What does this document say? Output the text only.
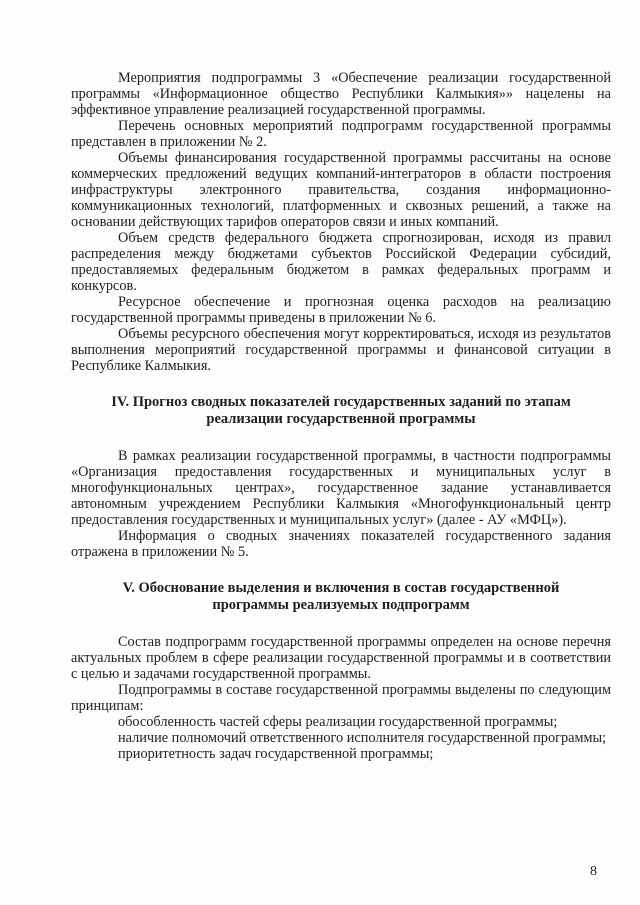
Мероприятия подпрограммы 3 «Обеспечение реализации государственной программы «Информационное общество Республики Калмыкия»» нацелены на эффективное управление реализацией государственной программы.

Перечень основных мероприятий подпрограмм государственной программы представлен в приложении № 2.

Объемы финансирования государственной программы рассчитаны на основе коммерческих предложений ведущих компаний-интеграторов в области построения инфраструктуры электронного правительства, создания информационно-коммуникационных технологий, платформенных и сквозных решений, а также на основании действующих тарифов операторов связи и иных компаний.

Объем средств федерального бюджета спрогнозирован, исходя из правил распределения между бюджетами субъектов Российской Федерации субсидий, предоставляемых федеральным бюджетом в рамках федеральных программ и конкурсов.

Ресурсное обеспечение и прогнозная оценка расходов на реализацию государственной программы приведены в приложении № 6.

Объемы ресурсного обеспечения могут корректироваться, исходя из результатов выполнения мероприятий государственной программы и финансовой ситуации в Республике Калмыкия.

IV. Прогноз сводных показателей государственных заданий по этапам реализации государственной программы

В рамках реализации государственной программы, в частности подпрограммы «Организация предоставления государственных и муниципальных услуг в многофункциональных центрах», государственное задание устанавливается автономным учреждением Республики Калмыкия «Многофункциональный центр предоставления государственных и муниципальных услуг» (далее - АУ «МФЦ»).

Информация о сводных значениях показателей государственного задания отражена в приложении № 5.

V. Обоснование выделения и включения в состав государственной программы реализуемых подпрограмм

Состав подпрограмм государственной программы определен на основе перечня актуальных проблем в сфере реализации государственной программы и в соответствии с целью и задачами государственной программы.

Подпрограммы в составе государственной программы выделены по следующим принципам:

обособленность частей сферы реализации государственной программы;

наличие полномочий ответственного исполнителя государственной программы;

приоритетность задач государственной программы;

8
